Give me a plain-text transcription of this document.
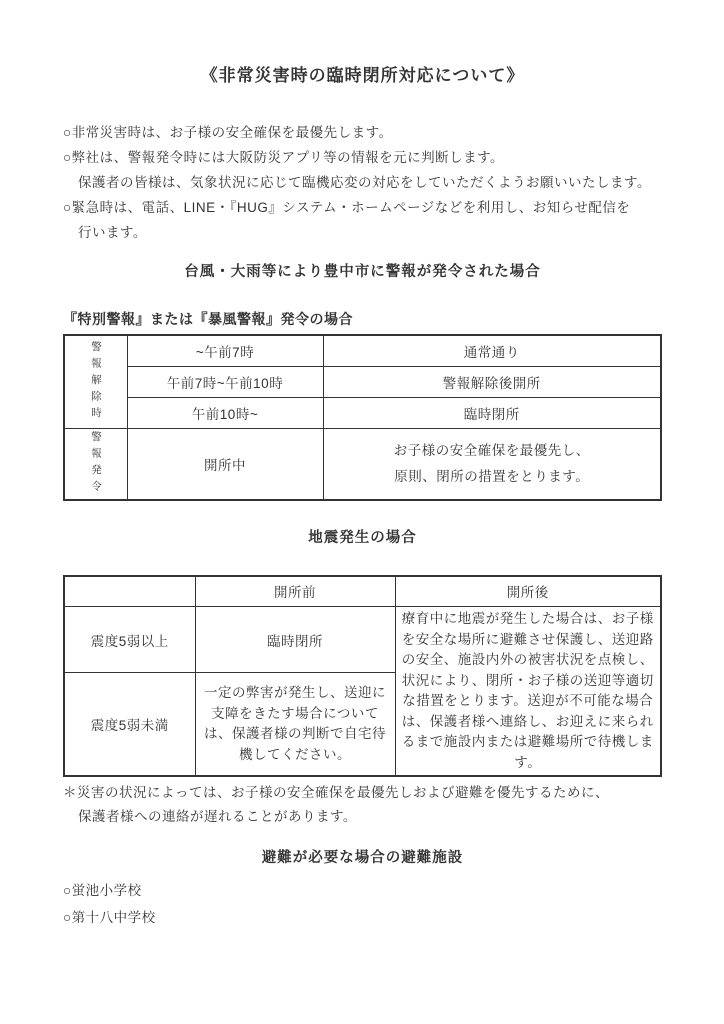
《非常災害時の臨時閉所対応について》
○非常災害時は、お子様の安全確保を最優先します。
○弊社は、警報発令時には大阪防災アプリ等の情報を元に判断します。
保護者の皆様は、気象状況に応じて臨機応変の対応をしていただくようお願いいたします。
○緊急時は、電話、LINE・『HUG』システム・ホームページなどを利用し、お知らせ配信を
行います。
台風・大雨等により豊中市に警報が発令された場合
『特別警報』または『暴風警報』発令の場合
警報解除時	~午前7時	通常通り
	午前7時~午前10時	警報解除後開所
	午前10時~	臨時閉所

警報発令	開所中	お子様の安全確保を最優先し、
原則、閉所の措置をとります。
地震発生の場合
	開所前	開所後
震度5弱以上	臨時閉所	療育中に地震が発生した場合は、お子様を安全な場所に避難させ保護し、送迎路の安全、施設内外の被害状況を点検し、状況により、閉所・お子様の送迎等適切な措置をとります。送迎が不可能な場合は、保護者様へ連絡し、お迎えに来られるまで施設内または避難場所で待機します。
震度5弱未満	一定の弊害が発生し、送迎に支障をきたす場合については、保護者様の判断で自宅待機してください。	
＊災害の状況によっては、お子様の安全確保を最優先しおよび避難を優先するために、
保護者様への連絡が遅れることがあります。
避難が必要な場合の避難施設
○蛍池小学校
○第十八中学校
